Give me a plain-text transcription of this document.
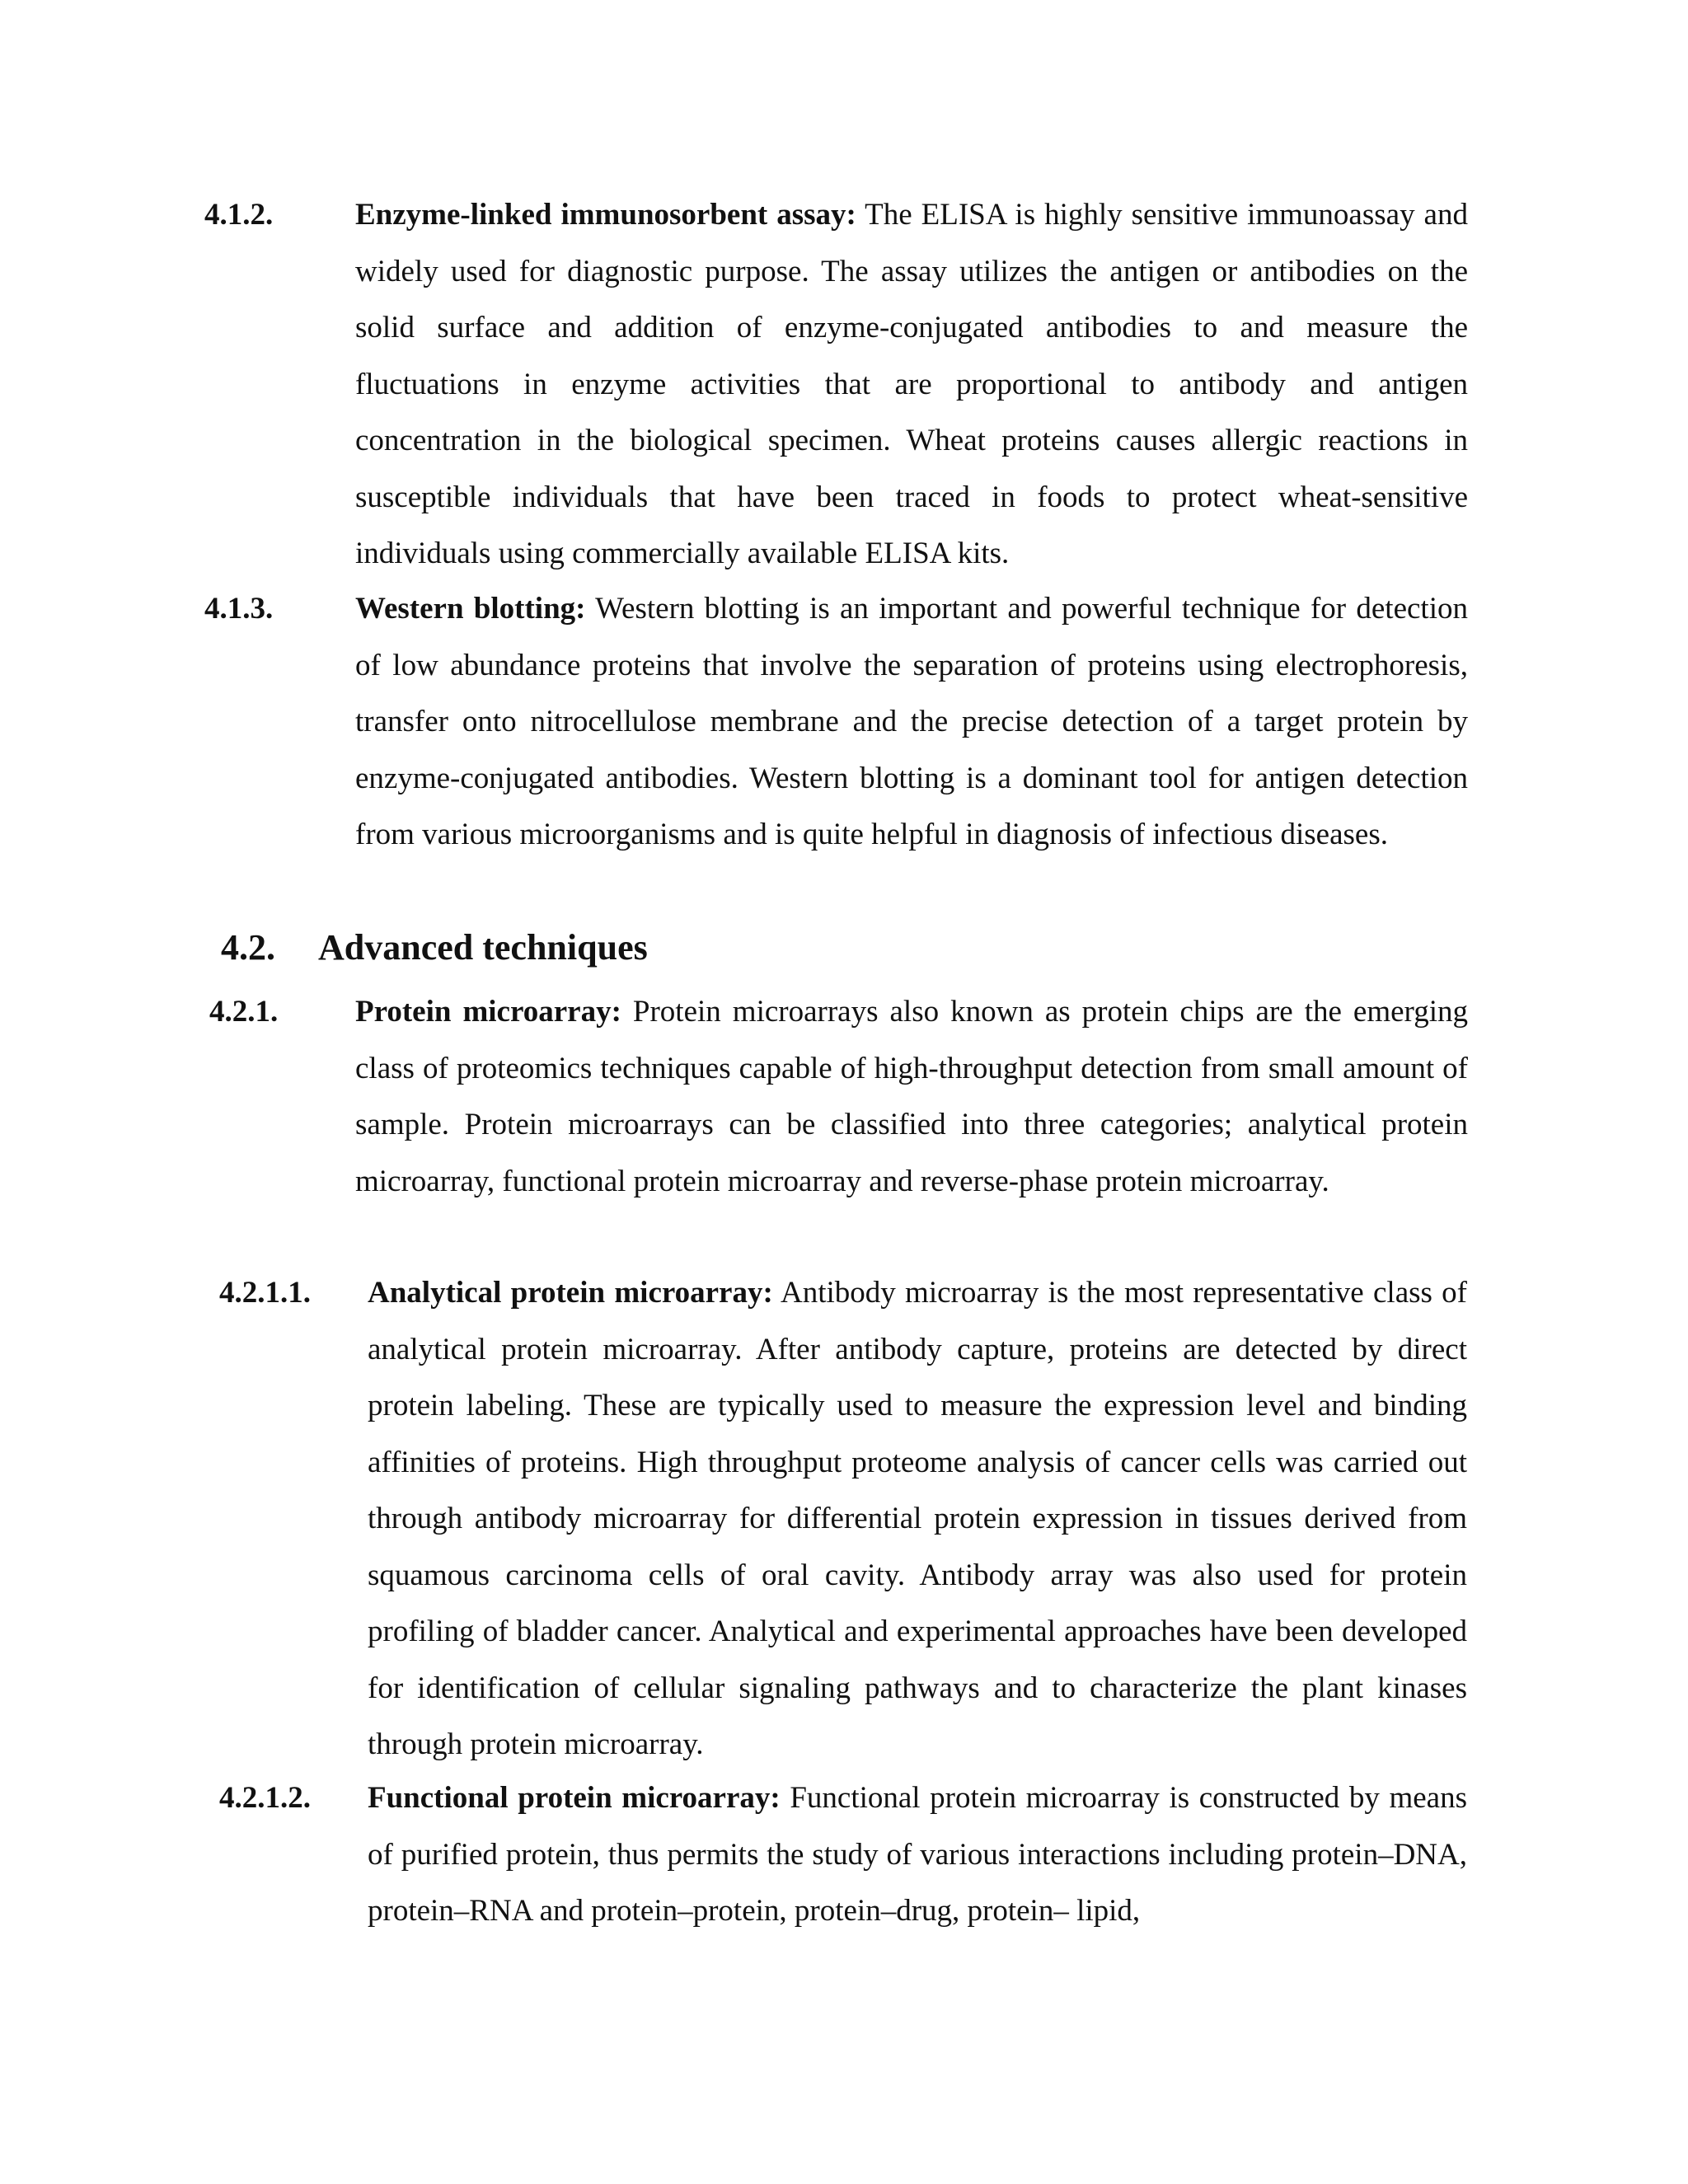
4.1.2.	Enzyme-linked immunosorbent assay: The ELISA is highly sensitive immunoassay and widely used for diagnostic purpose. The assay utilizes the antigen or antibodies on the solid surface and addition of enzyme-conjugated antibodies to and measure the fluctuations in enzyme activities that are proportional to antibody and antigen concentration in the biological specimen. Wheat proteins causes allergic reactions in susceptible individuals that have been traced in foods to protect wheat-sensitive individuals using commercially available ELISA kits.
4.1.3.	Western blotting: Western blotting is an important and powerful technique for detection of low abundance proteins that involve the separation of proteins using electrophoresis, transfer onto nitrocellulose membrane and the precise detection of a target protein by enzyme-conjugated antibodies. Western blotting is a dominant tool for antigen detection from various microorganisms and is quite helpful in diagnosis of infectious diseases.
4.2. Advanced techniques
4.2.1.	Protein microarray: Protein microarrays also known as protein chips are the emerging class of proteomics techniques capable of high-throughput detection from small amount of sample. Protein microarrays can be classified into three categories; analytical protein microarray, functional protein microarray and reverse-phase protein microarray.
4.2.1.1. Analytical protein microarray: Antibody microarray is the most representative class of analytical protein microarray. After antibody capture, proteins are detected by direct protein labeling. These are typically used to measure the expression level and binding affinities of proteins. High throughput proteome analysis of cancer cells was carried out through antibody microarray for differential protein expression in tissues derived from squamous carcinoma cells of oral cavity. Antibody array was also used for protein profiling of bladder cancer. Analytical and experimental approaches have been developed for identification of cellular signaling pathways and to characterize the plant kinases through protein microarray.
4.2.1.2. Functional protein microarray: Functional protein microarray is constructed by means of purified protein, thus permits the study of various interactions including protein–DNA, protein–RNA and protein–protein, protein–drug, protein– lipid,
